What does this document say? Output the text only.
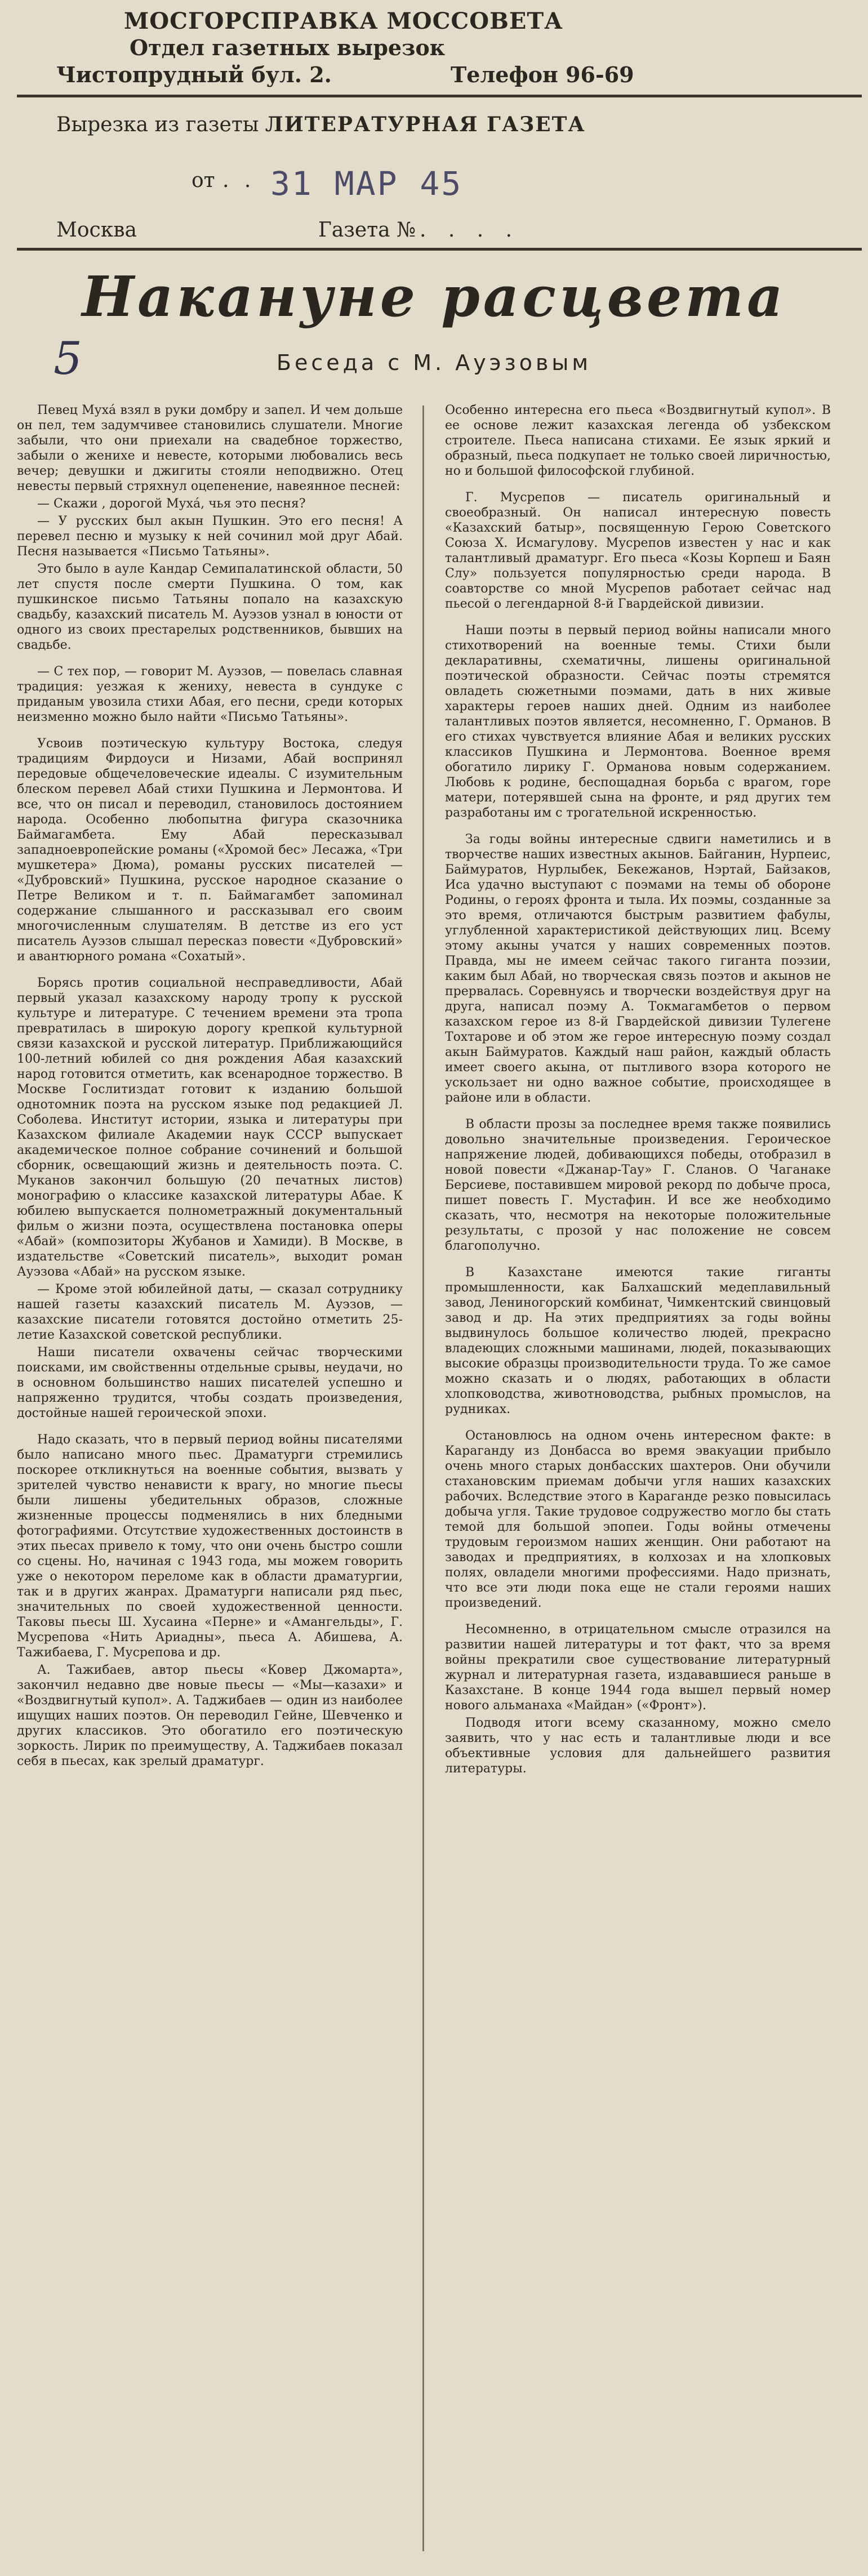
МОСГОРСПРАВКА МОССОВЕТА
Отдел газетных вырезок
Чистопрудный бул. 2.	Телефон 96-69
Вырезка из газеты ЛИТЕРАТУРНАЯ ГАЗЕТА
от . . 31 МАР 45
Москва	Газета № . . . .
Накануне расцвета
5	Беседа с М. Ауэзовым

Певец Мухá взял в руки домбру и запел. И чем дольше он пел, тем задумчивее становились слушатели. Многие забыли, что они приехали на свадебное торжество, забыли о женихе и невесте, которыми любовались весь вечер; девушки и джигиты стояли неподвижно. Отец невесты первый стряхнул оцепенение, навеянное песней:

— Скажи , дорогой Мухá, чья это песня?

— У русских был акын Пушкин. Это его песня! А перевел песню и музыку к ней сочинил мой друг Абай. Песня называется «Письмо Татьяны».

Это было в ауле Кандар Семипалатинской области, 50 лет спустя после смерти Пушкина. О том, как пушкинское письмо Татьяны попало на казахскую свадьбу, казахский писатель М. Ауэзов узнал в юности от одного из своих престарелых родственников, бывших на свадьбе.

— С тех пор, — говорит М. Ауэзов, — повелась славная традиция: уезжая к жениху, невеста в сундуке с приданым увозила стихи Абая, его песни, среди которых неизменно можно было найти «Письмо Татьяны».

Усвоив поэтическую культуру Востока, следуя традициям Фирдоуси и Низами, Абай воспринял передовые общечеловеческие идеалы. С изумительным блеском перевел Абай стихи Пушкина и Лермонтова. И все, что он писал и переводил, становилось достоянием народа. Особенно любопытна фигура сказочника Баймагамбета. Ему Абай пересказывал западноевропейские романы («Хромой бес» Лесажа, «Три мушкетера» Дюма), романы русских писателей — «Дубровский» Пушкина, русское народное сказание о Петре Великом и т. п. Баймагамбет запоминал содержание слышанного и рассказывал его своим многочисленным слушателям. В детстве из его уст писатель Ауэзов слышал пересказ повести «Дубровский» и авантюрного романа «Сохатый».

Борясь против социальной несправедливости, Абай первый указал казахскому народу тропу к русской культуре и литературе. С течением времени эта тропа превратилась в широкую дорогу крепкой культурной связи казахской и русской литератур. Приближающийся 100-летний юбилей со дня рождения Абая казахский народ готовится отметить, как всенародное торжество. В Москве Гослитиздат готовит к изданию большой однотомник поэта на русском языке под редакцией Л. Соболева. Институт истории, языка и литературы при Казахском филиале Академии наук СССР выпускает академическое полное собрание сочинений и большой сборник, освещающий жизнь и деятельность поэта. С. Муканов закончил большую (20 печатных листов) монографию о классике казахской литературы Абае. К юбилею выпускается полнометражный документальный фильм о жизни поэта, осуществлена постановка оперы «Абай» (композиторы Жубанов и Хамиди). В Москве, в издательстве «Советский писатель», выходит роман Ауэзова «Абай» на русском языке.

— Кроме этой юбилейной даты, — сказал сотруднику нашей газеты казахский писатель М. Ауэзов, — казахские писатели готовятся достойно отметить 25-летие Казахской советской республики.

Наши писатели охвачены сейчас творческими поисками, им свойственны отдельные срывы, неудачи, но в основном большинство наших писателей успешно и напряженно трудится, чтобы создать произведения, достойные нашей героической эпохи.

Надо сказать, что в первый период войны писателями было написано много пьес. Драматурги стремились поскорее откликнуться на военные события, вызвать у зрителей чувство ненависти к врагу, но многие пьесы были лишены убедительных образов, сложные жизненные процессы подменялись в них бледными фотографиями. Отсутствие художественных достоинств в этих пьесах привело к тому, что они очень быстро сошли со сцены. Но, начиная с 1943 года, мы можем говорить уже о некотором переломе как в области драматургии, так и в других жанрах. Драматурги написали ряд пьес, значительных по своей художественной ценности. Таковы пьесы Ш. Хусаина «Перне» и «Амангельды», Г. Мусрепова «Нить Ариадны», пьеса А. Абишева, А. Тажибаева, Г. Мусрепова и др.

А. Тажибаев, автор пьесы «Ковер Джомарта», закончил недавно две новые пьесы — «Мы—казахи» и «Воздвигнутый купол». А. Таджибаев — один из наиболее ищущих наших поэтов. Он переводил Гейне, Шевченко и других классиков. Это обогатило его поэтическую зоркость. Лирик по преимуществу, А. Таджибаев показал себя в пьесах, как зрелый драматург.

Особенно интересна его пьеса «Воздвигнутый купол». В ее основе лежит казахская легенда об узбекском строителе. Пьеса написана стихами. Ее язык яркий и образный, пьеса подкупает не только своей лиричностью, но и большой философской глубиной.

Г. Мусрепов — писатель оригинальный и своеобразный. Он написал интересную повесть «Казахский батыр», посвященную Герою Советского Союза Х. Исмагулову. Мусрепов известен у нас и как талантливый драматург. Его пьеса «Козы Корпеш и Баян Слу» пользуется популярностью среди народа. В соавторстве со мной Мусрепов работает сейчас над пьесой о легендарной 8-й Гвардейской дивизии.

Наши поэты в первый период войны написали много стихотворений на военные темы. Стихи были декларативны, схематичны, лишены оригинальной поэтической образности. Сейчас поэты стремятся овладеть сюжетными поэмами, дать в них живые характеры героев наших дней. Одним из наиболее талантливых поэтов является, несомненно, Г. Орманов. В его стихах чувствуется влияние Абая и великих русских классиков Пушкина и Лермонтова. Военное время обогатило лирику Г. Орманова новым содержанием. Любовь к родине, беспощадная борьба с врагом, горе матери, потерявшей сына на фронте, и ряд других тем разработаны им с трогательной искренностью.

За годы войны интересные сдвиги наметились и в творчестве наших известных акынов. Байганин, Нурпеис, Баймуратов, Нурлыбек, Бекежанов, Нэртай, Байзаков, Иса удачно выступают с поэмами на темы об обороне Родины, о героях фронта и тыла. Их поэмы, созданные за это время, отличаются быстрым развитием фабулы, углубленной характеристикой действующих лиц. Всему этому акыны учатся у наших современных поэтов. Правда, мы не имеем сейчас такого гиганта поэзии, каким был Абай, но творческая связь поэтов и акынов не прервалась. Соревнуясь и творчески воздействуя друг на друга, написал поэму А. Токмагамбетов о первом казахском герое из 8-й Гвардейской дивизии Тулегене Тохтарове и об этом же герое интересную поэму создал акын Баймуратов. Каждый наш район, каждый область имеет своего акына, от пытливого взора которого не ускользает ни одно важное событие, происходящее в районе или в области.

В области прозы за последнее время также появились довольно значительные произведения. Героическое напряжение людей, добивающихся победы, отобразил в новой повести «Джанар-Тау» Г. Сланов. О Чаганаке Берсиеве, поставившем мировой рекорд по добыче проса, пишет повесть Г. Мустафин. И все же необходимо сказать, что, несмотря на некоторые положительные результаты, с прозой у нас положение не совсем благополучно.

В Казахстане имеются такие гиганты промышленности, как Балхашский медеплавильный завод, Лениногорский комбинат, Чимкентский свинцовый завод и др. На этих предприятиях за годы войны выдвинулось большое количество людей, прекрасно владеющих сложными машинами, людей, показывающих высокие образцы производительности труда. То же самое можно сказать и о людях, работающих в области хлопководства, животноводства, рыбных промыслов, на рудниках.

Остановлюсь на одном очень интересном факте: в Караганду из Донбасса во время эвакуации прибыло очень много старых донбасских шахтеров. Они обучили стахановским приемам добычи угля наших казахских рабочих. Вследствие этого в Караганде резко повысилась добыча угля. Такие трудовое содружество могло бы стать темой для большой эпопеи. Годы войны отмечены трудовым героизмом наших женщин. Они работают на заводах и предприятиях, в колхозах и на хлопковых полях, овладели многими профессиями. Надо признать, что все эти люди пока еще не стали героями наших произведений.

Несомненно, в отрицательном смысле отразился на развитии нашей литературы и тот факт, что за время войны прекратили свое существование литературный журнал и литературная газета, издававшиеся раньше в Казахстане. В конце 1944 года вышел первый номер нового альманаха «Майдан» («Фронт»).

Подводя итоги всему сказанному, можно смело заявить, что у нас есть и талантливые люди и все объективные условия для дальнейшего развития литературы.
